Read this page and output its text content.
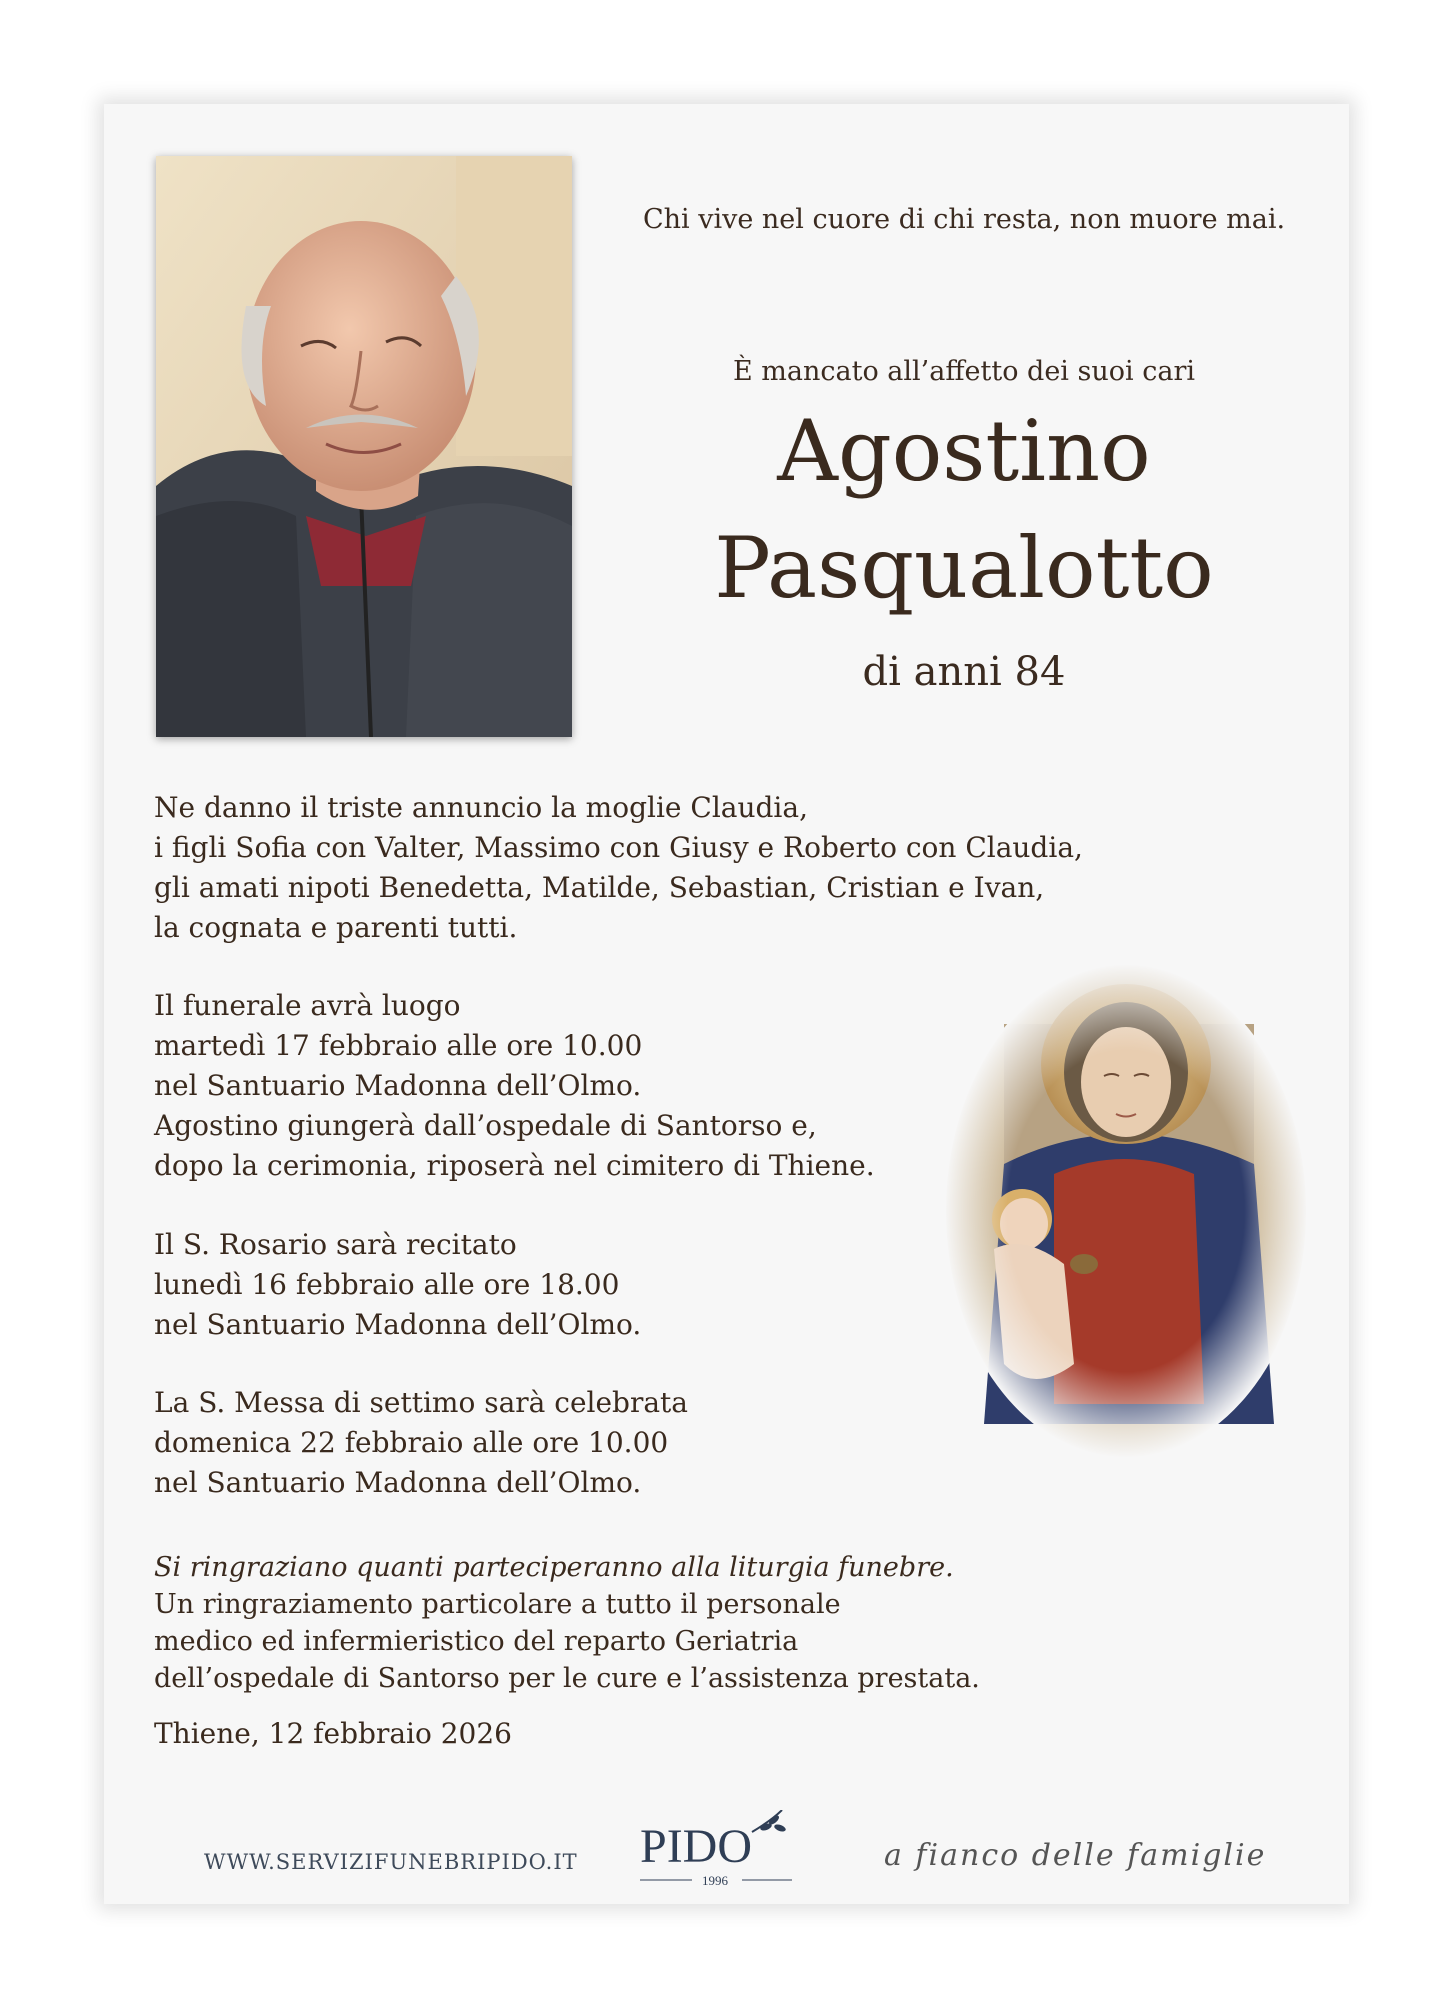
Chi vive nel cuore di chi resta, non muore mai.
È mancato all’affetto dei suoi cari
Agostino
Pasqualotto
di anni 84
Ne danno il triste annuncio la moglie Claudia,
i figli Sofia con Valter, Massimo con Giusy e Roberto con Claudia,
gli amati nipoti Benedetta, Matilde, Sebastian, Cristian e Ivan,
la cognata e parenti tutti.
Il funerale avrà luogo
martedì 17 febbraio alle ore 10.00
nel Santuario Madonna dell’Olmo.
Agostino giungerà dall’ospedale di Santorso e,
dopo la cerimonia, riposerà nel cimitero di Thiene.
Il S. Rosario sarà recitato
lunedì 16 febbraio alle ore 18.00
nel Santuario Madonna dell’Olmo.
La S. Messa di settimo sarà celebrata
domenica 22 febbraio alle ore 10.00
nel Santuario Madonna dell’Olmo.
Si ringraziano quanti parteciperanno alla liturgia funebre.
Un ringraziamento particolare a tutto il personale
medico ed infermieristico del reparto Geriatria
dell’ospedale di Santorso per le cure e l’assistenza prestata.
Thiene, 12 febbraio 2026
WWW.SERVIZIFUNEBRIPIDO.IT PIDO
1996
a fianco delle famiglie
